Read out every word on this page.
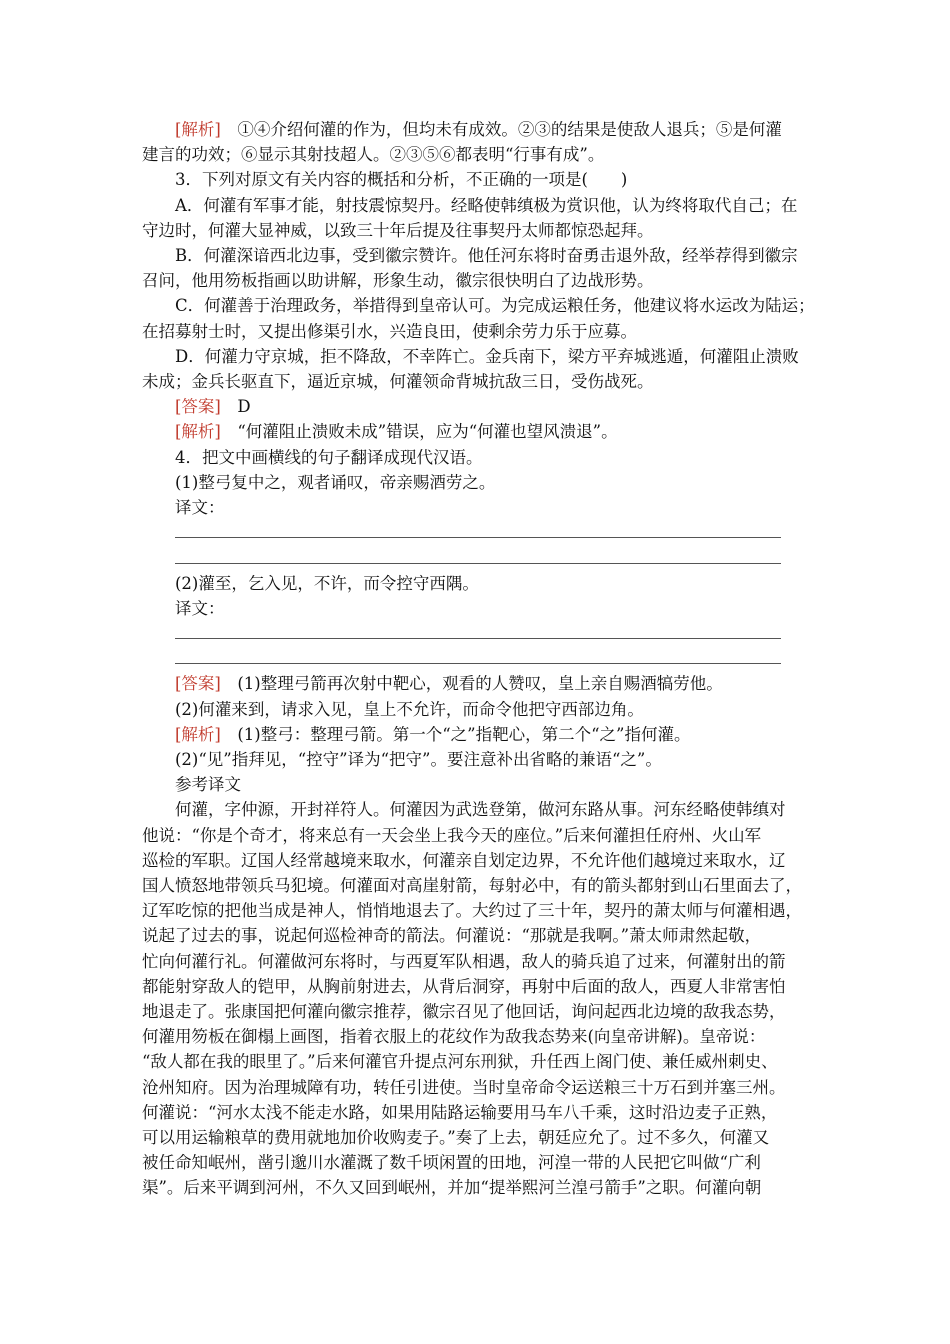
[解析] ①④介绍何灌的作为，但均未有成效。②③的结果是使敌人退兵；⑤是何灌

建言的功效；⑥显示其射技超人。②③⑤⑥都表明“行事有成”。

3．下列对原文有关内容的概括和分析，不正确的一项是(　　)

A．何灌有军事才能，射技震惊契丹。经略使韩缜极为赏识他，认为终将取代自己；在

守边时，何灌大显神威，以致三十年后提及往事契丹太师都惊恐起拜。

B．何灌深谙西北边事，受到徽宗赞许。他任河东将时奋勇击退外敌，经举荐得到徽宗

召问，他用笏板指画以助讲解，形象生动，徽宗很快明白了边战形势。

C．何灌善于治理政务，举措得到皇帝认可。为完成运粮任务，他建议将水运改为陆运；

在招募射士时，又提出修渠引水，兴造良田，使剩余劳力乐于应募。

D．何灌力守京城，拒不降敌，不幸阵亡。金兵南下，梁方平弃城逃遁，何灌阻止溃败

未成；金兵长驱直下，逼近京城，何灌领命背城抗敌三日，受伤战死。

[答案] D

[解析] “何灌阻止溃败未成”错误，应为“何灌也望风溃退”。

4．把文中画横线的句子翻译成现代汉语。

(1)整弓复中之，观者诵叹，帝亲赐酒劳之。

译文：

(2)灌至，乞入见，不许，而令控守西隅。

译文：

[答案] (1)整理弓箭再次射中靶心，观看的人赞叹，皇上亲自赐酒犒劳他。

(2)何灌来到，请求入见，皇上不允许，而命令他把守西部边角。

[解析] (1)整弓：整理弓箭。第一个“之”指靶心，第二个“之”指何灌。

(2)“见”指拜见，“控守”译为“把守”。要注意补出省略的兼语“之”。

参考译文

何灌，字仲源，开封祥符人。何灌因为武选登第，做河东路从事。河东经略使韩缜对

他说：“你是个奇才，将来总有一天会坐上我今天的座位。”后来何灌担任府州、火山军

巡检的军职。辽国人经常越境来取水，何灌亲自划定边界，不允许他们越境过来取水，辽

国人愤怒地带领兵马犯境。何灌面对高崖射箭，每射必中，有的箭头都射到山石里面去了，

辽军吃惊的把他当成是神人，悄悄地退去了。大约过了三十年，契丹的萧太师与何灌相遇，

说起了过去的事，说起何巡检神奇的箭法。何灌说：“那就是我啊。”萧太师肃然起敬，

忙向何灌行礼。何灌做河东将时，与西夏军队相遇，敌人的骑兵追了过来，何灌射出的箭

都能射穿敌人的铠甲，从胸前射进去，从背后洞穿，再射中后面的敌人，西夏人非常害怕

地退走了。张康国把何灌向徽宗推荐，徽宗召见了他回话，询问起西北边境的敌我态势，

何灌用笏板在御榻上画图，指着衣服上的花纹作为敌我态势来(向皇帝讲解)。皇帝说：

“敌人都在我的眼里了。”后来何灌官升提点河东刑狱，升任西上阁门使、兼任威州刺史、

沧州知府。因为治理城障有功，转任引进使。当时皇帝命令运送粮三十万石到并塞三州。

何灌说：“河水太浅不能走水路，如果用陆路运输要用马车八千乘，这时沿边麦子正熟，

可以用运输粮草的费用就地加价收购麦子。”奏了上去，朝廷应允了。过不多久，何灌又

被任命知岷州，凿引邈川水灌溉了数千顷闲置的田地，河湟一带的人民把它叫做“广利

渠”。后来平调到河州，不久又回到岷州，并加“提举熙河兰湟弓箭手”之职。何灌向朝
